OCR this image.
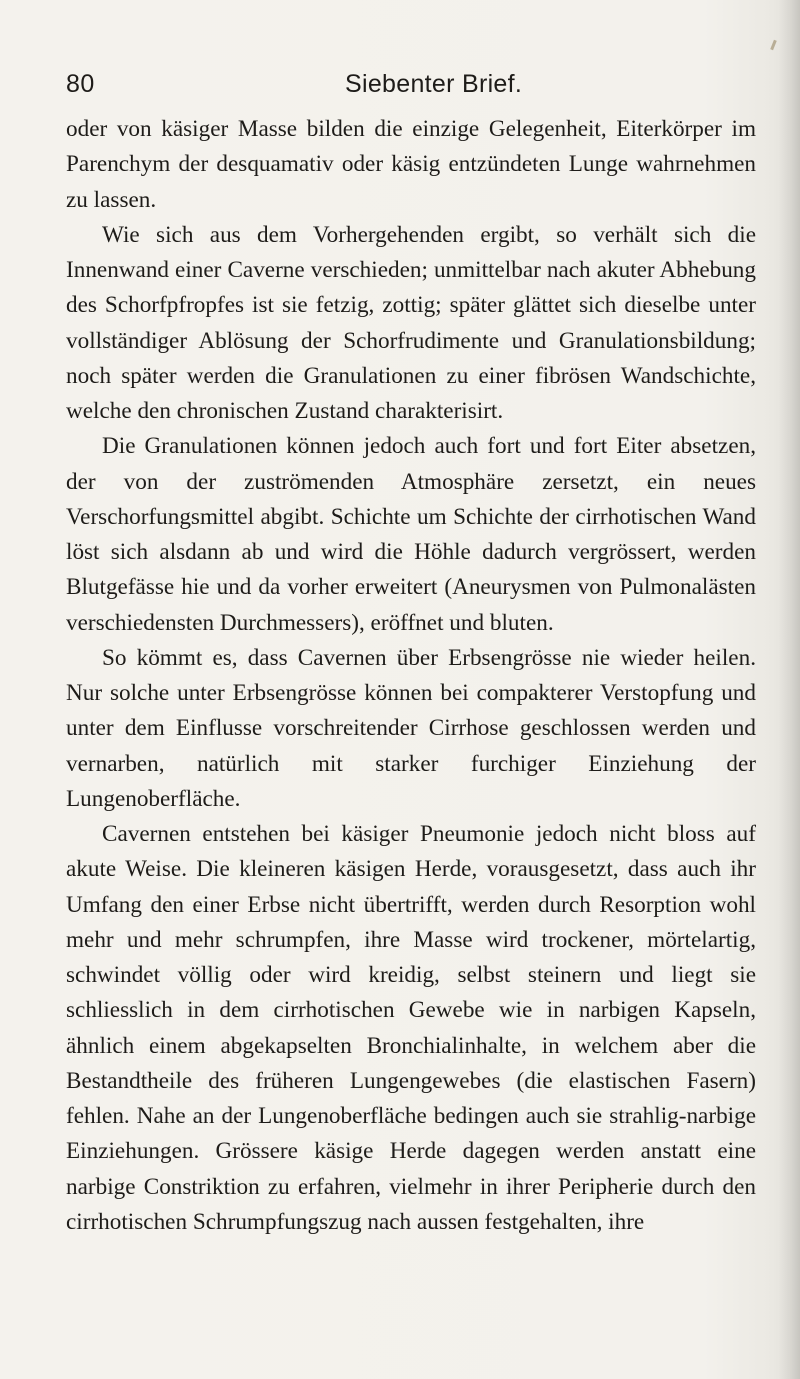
80	Siebenter Brief.

oder von käsiger Masse bilden die einzige Gelegenheit, Eiterkörper im Parenchym der desquamativ oder käsig entzündeten Lunge wahrnehmen zu lassen.

Wie sich aus dem Vorhergehenden ergibt, so verhält sich die Innenwand einer Caverne verschieden; unmittelbar nach akuter Abhebung des Schorfpfropfes ist sie fetzig, zottig; später glättet sich dieselbe unter vollständiger Ablösung der Schorfrudimente und Granulationsbildung; noch später werden die Granulationen zu einer fibrösen Wandschichte, welche den chronischen Zustand charakterisirt.

Die Granulationen können jedoch auch fort und fort Eiter absetzen, der von der zuströmenden Atmosphäre zersetzt, ein neues Verschorfungsmittel abgibt. Schichte um Schichte der cirrhotischen Wand löst sich alsdann ab und wird die Höhle dadurch vergrössert, werden Blutgefässe hie und da vorher erweitert (Aneurysmen von Pulmonalästen verschiedensten Durchmessers), eröffnet und bluten.

So kömmt es, dass Cavernen über Erbsengrösse nie wieder heilen. Nur solche unter Erbsengrösse können bei compakterer Verstopfung und unter dem Einflusse vorschreitender Cirrhose geschlossen werden und vernarben, natürlich mit starker furchiger Einziehung der Lungenoberfläche.

Cavernen entstehen bei käsiger Pneumonie jedoch nicht bloss auf akute Weise. Die kleineren käsigen Herde, vorausgesetzt, dass auch ihr Umfang den einer Erbse nicht übertrifft, werden durch Resorption wohl mehr und mehr schrumpfen, ihre Masse wird trockener, mörtelartig, schwindet völlig oder wird kreidig, selbst steinern und liegt sie schliesslich in dem cirrhotischen Gewebe wie in narbigen Kapseln, ähnlich einem abgekapselten Bronchialinhalte, in welchem aber die Bestandtheile des früheren Lungengewebes (die elastischen Fasern) fehlen. Nahe an der Lungenoberfläche bedingen auch sie strahlig-narbige Einziehungen. Grössere käsige Herde dagegen werden anstatt eine narbige Constriktion zu erfahren, vielmehr in ihrer Peripherie durch den cirrhotischen Schrumpfungszug nach aussen festgehalten, ihre
